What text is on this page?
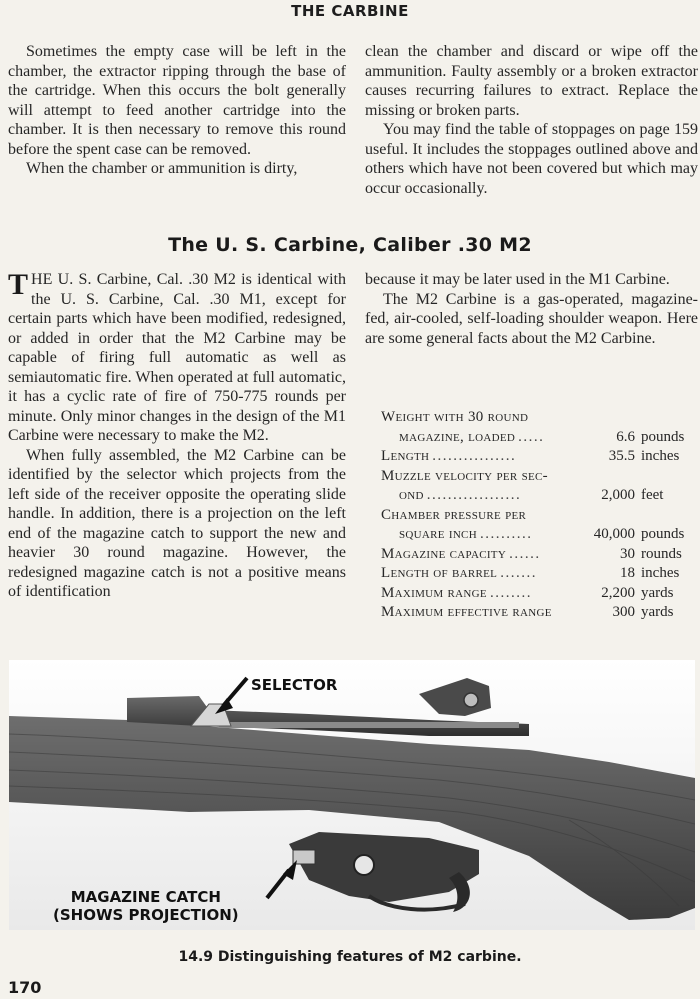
THE CARBINE

Sometimes the empty case will be left in the chamber, the extractor ripping through the base of the cartridge. When this occurs the bolt generally will attempt to feed another cartridge into the chamber. It is then necessary to remove this round before the spent case can be removed.

When the chamber or ammunition is dirty,

clean the chamber and discard or wipe off the ammunition. Faulty assembly or a broken extractor causes recurring failures to extract. Replace the missing or broken parts.

You may find the table of stoppages on page 159 useful. It includes the stoppages outlined above and others which have not been covered but which may occur occasionally.

The U. S. Carbine, Caliber .30 M2

THE U. S. Carbine, Cal. .30 M2 is identical with the U. S. Carbine, Cal. .30 M1, except for certain parts which have been modified, redesigned, or added in order that the M2 Carbine may be capable of firing full automatic as well as semiautomatic fire. When operated at full automatic, it has a cyclic rate of fire of 750-775 rounds per minute. Only minor changes in the design of the M1 Carbine were necessary to make the M2.

When fully assembled, the M2 Carbine can be identified by the selector which projects from the left side of the receiver opposite the operating slide handle. In addition, there is a projection on the left end of the magazine catch to support the new and heavier 30 round magazine. However, the redesigned magazine catch is not a positive means of identification

because it may be later used in the M1 Carbine.

The M2 Carbine is a gas-operated, magazine-fed, air-cooled, self-loading shoulder weapon. Here are some general facts about the M2 Carbine.

Weight with 30 round
magazine, loaded .....	6.6 pounds
Length ................	35.5 inches
Muzzle velocity per sec-
ond ..................	2,000 feet
Chamber pressure per
square inch ..........	40,000 pounds
Magazine capacity ......	30 rounds
Length of barrel .......	18 inches
Maximum range ........	2,200 yards
Maximum effective range	300 yards
SELECTOR
MAGAZINE CATCH
(SHOWS PROJECTION)
14.9 Distinguishing features of M2 carbine.
170
